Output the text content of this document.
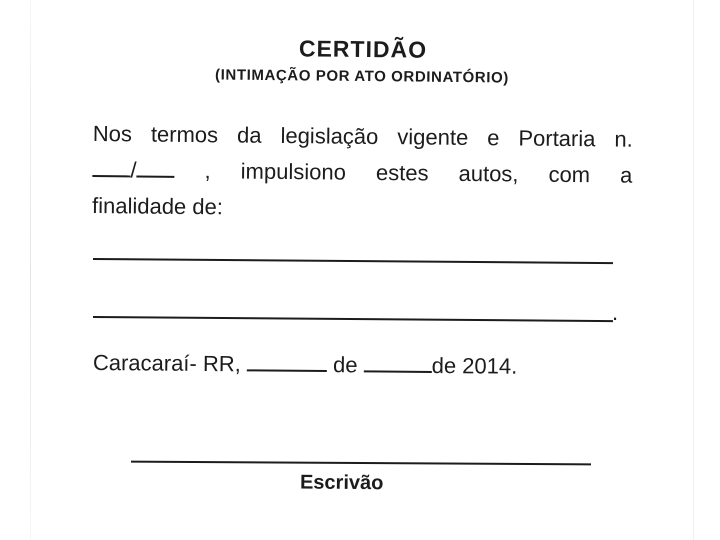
CERTIDÃO
(INTIMAÇÃO POR ATO ORDINATÓRIO)
Nos termos da legislação vigente e Portaria n.
/	, impulsiono estes autos, com a
finalidade de:
.
Caracaraí- RR,	de	de 2014.
Escrivão
